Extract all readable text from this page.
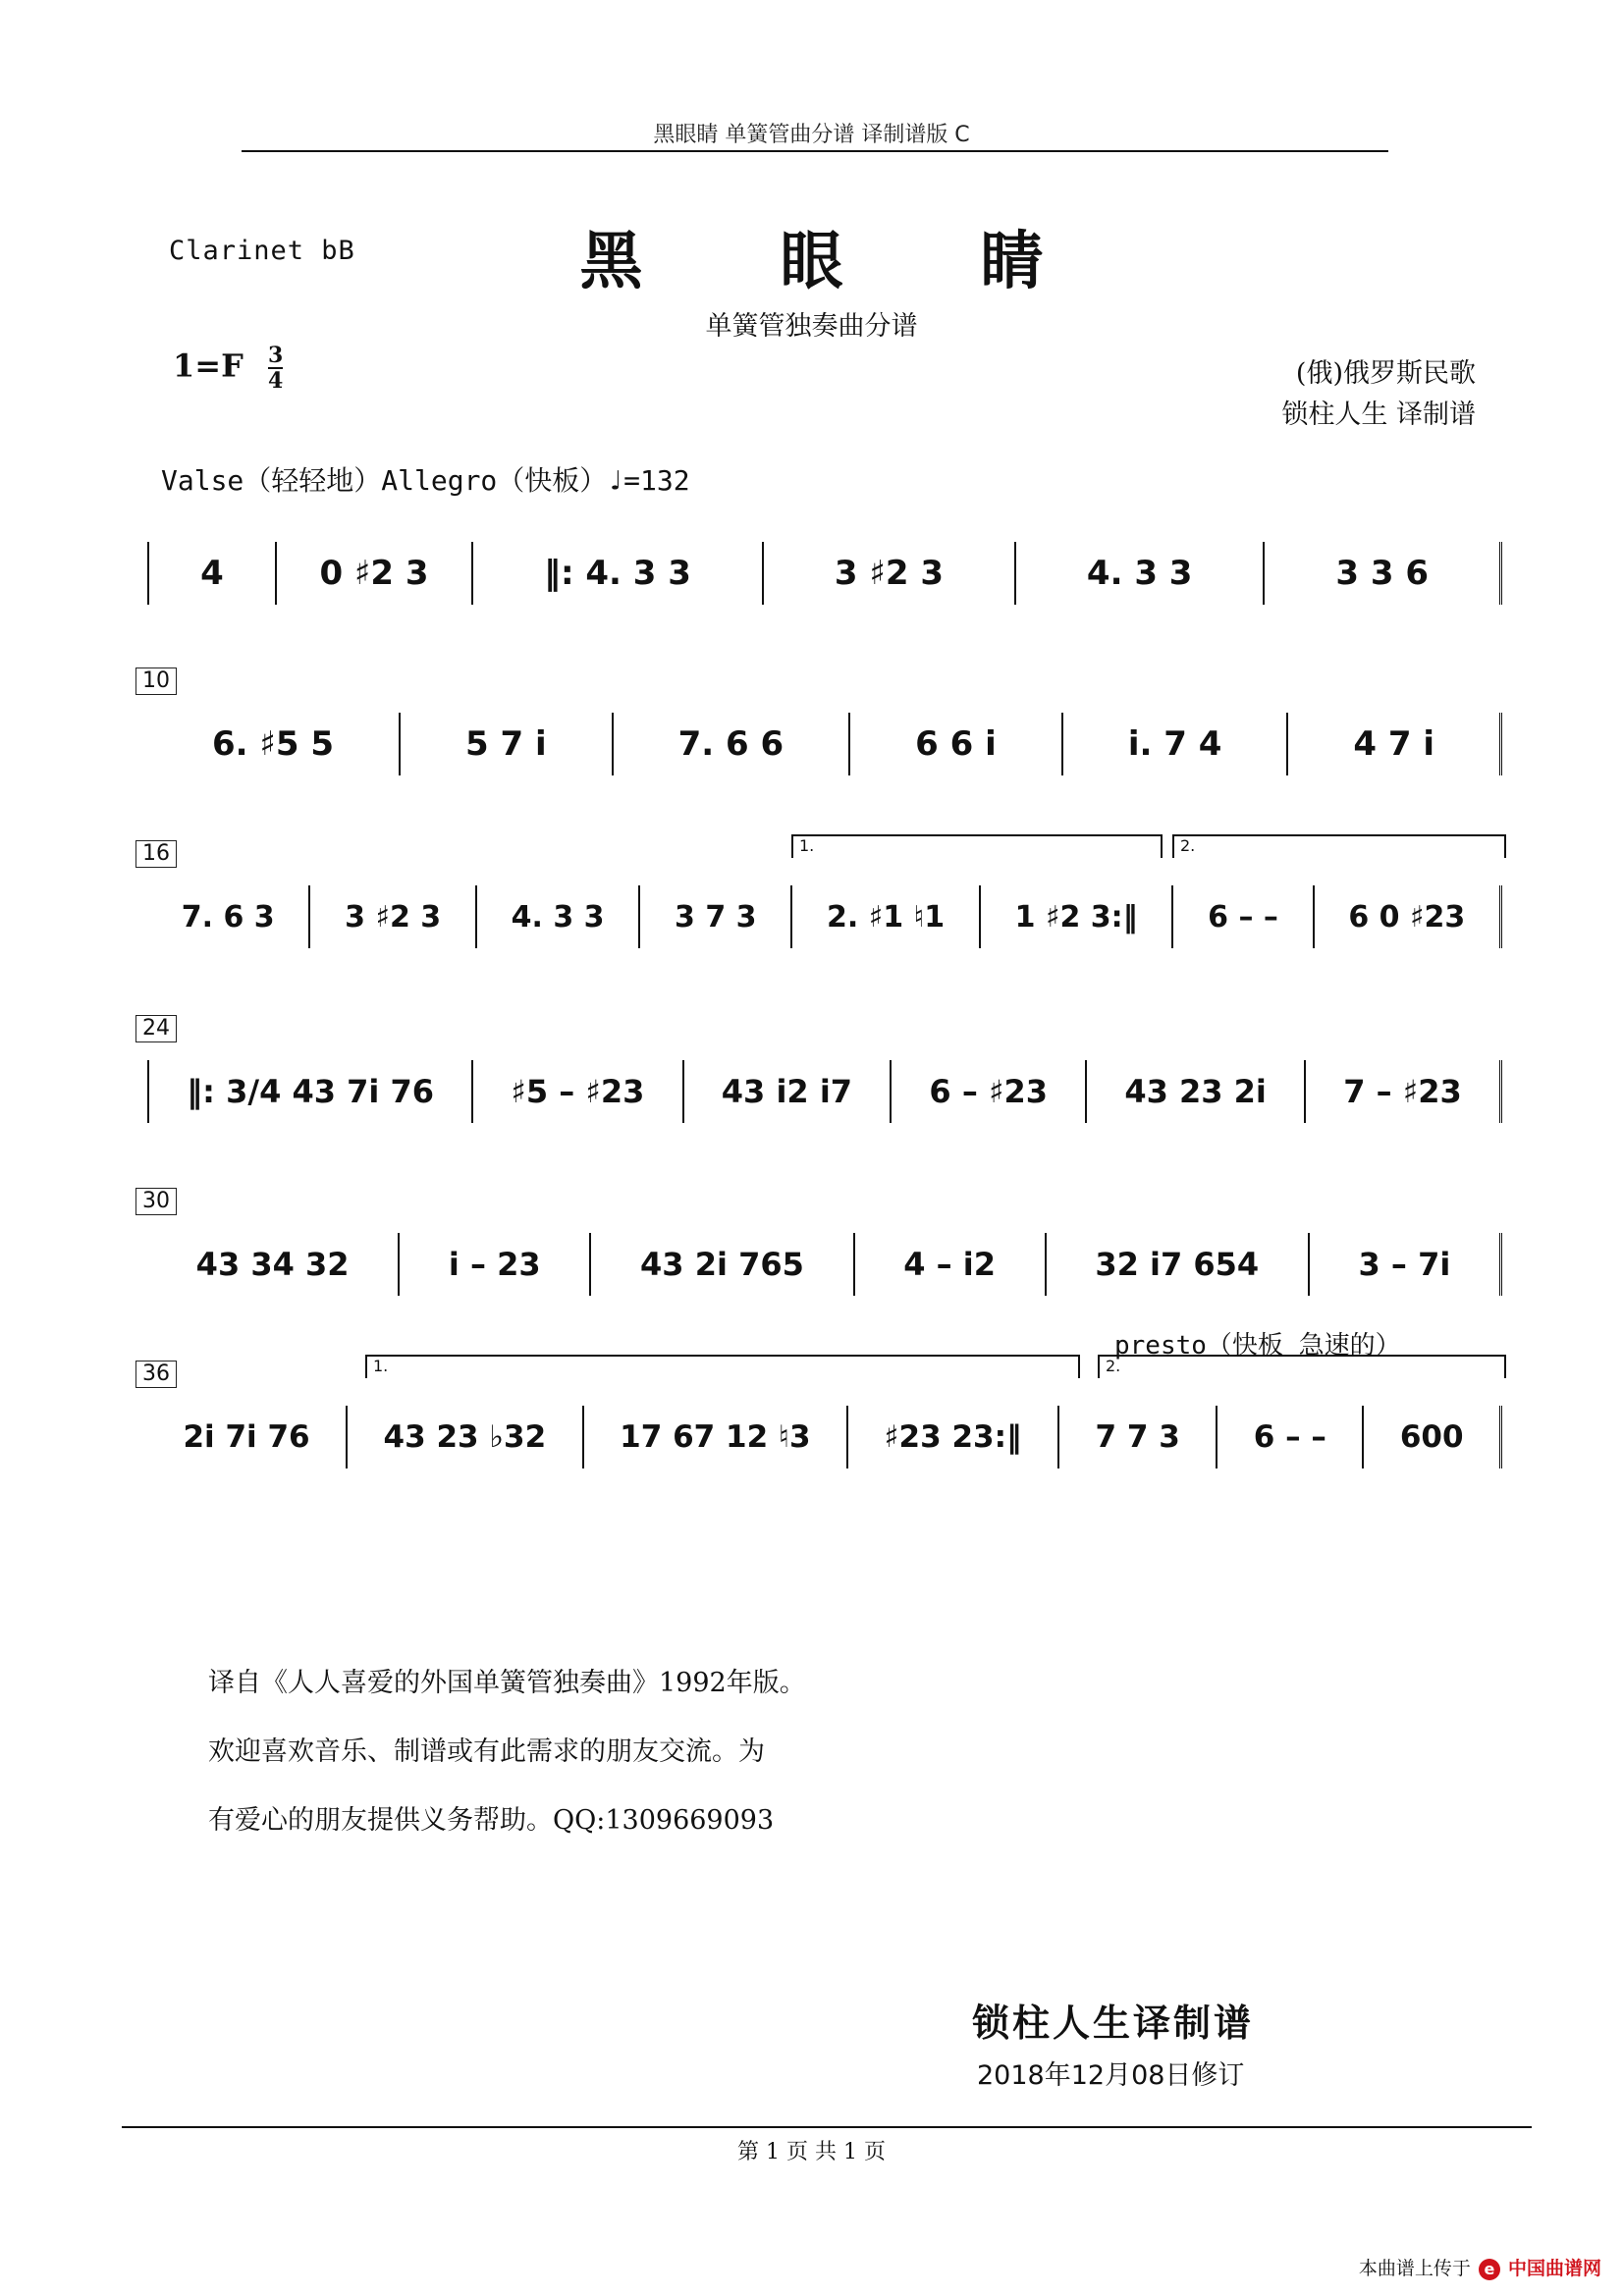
黑眼睛 单簧管曲分谱 译制谱版 C
Clarinet bB	黑 眼 睛
单簧管独奏曲分谱
$1=F \frac{3}{4}$	(俄)俄罗斯民歌
锁柱人生 译制谱
Valse（轻轻地）Allegro（快板）♩=132
4	0 ♯2 3	‖: 4. 3 3	3 ♯2 3	4. 3 3	3 3 6
10
6. ♯5 5	5 7 i	7. 6 6	6 6 i	i. 7 4	4 7 i
16	1.	2.
7. 6 3 3 ♯2 3 4. 3 3 3 7 3 2. ♯1 ♮1 1 ♯2 3:‖ 6 – – 6 0 ♯23
24
‖: 3/4 43 7i 76 ♯5 – ♯23 43 i2 i7 6 – ♯23 43 23 2i 7 – ♯23
30
43 34 32	i – 23	43 2i 765	4 – i2	32 i7 654	3 – 7i
presto（快板 急速的）
36	1.	2.
2i 7i 76 43 23 ♭32 17 67 12 ♮3 ♯23 23:‖ 7 7 3 6 – – 600
译自《人人喜爱的外国单簧管独奏曲》1992年版。
欢迎喜欢音乐、制谱或有此需求的朋友交流。为
有爱心的朋友提供义务帮助。QQ:1309669093
锁柱人生译制谱
2018年12月08日修订
第 1 页 共 1 页
本曲谱上传于 e 中国曲谱网
